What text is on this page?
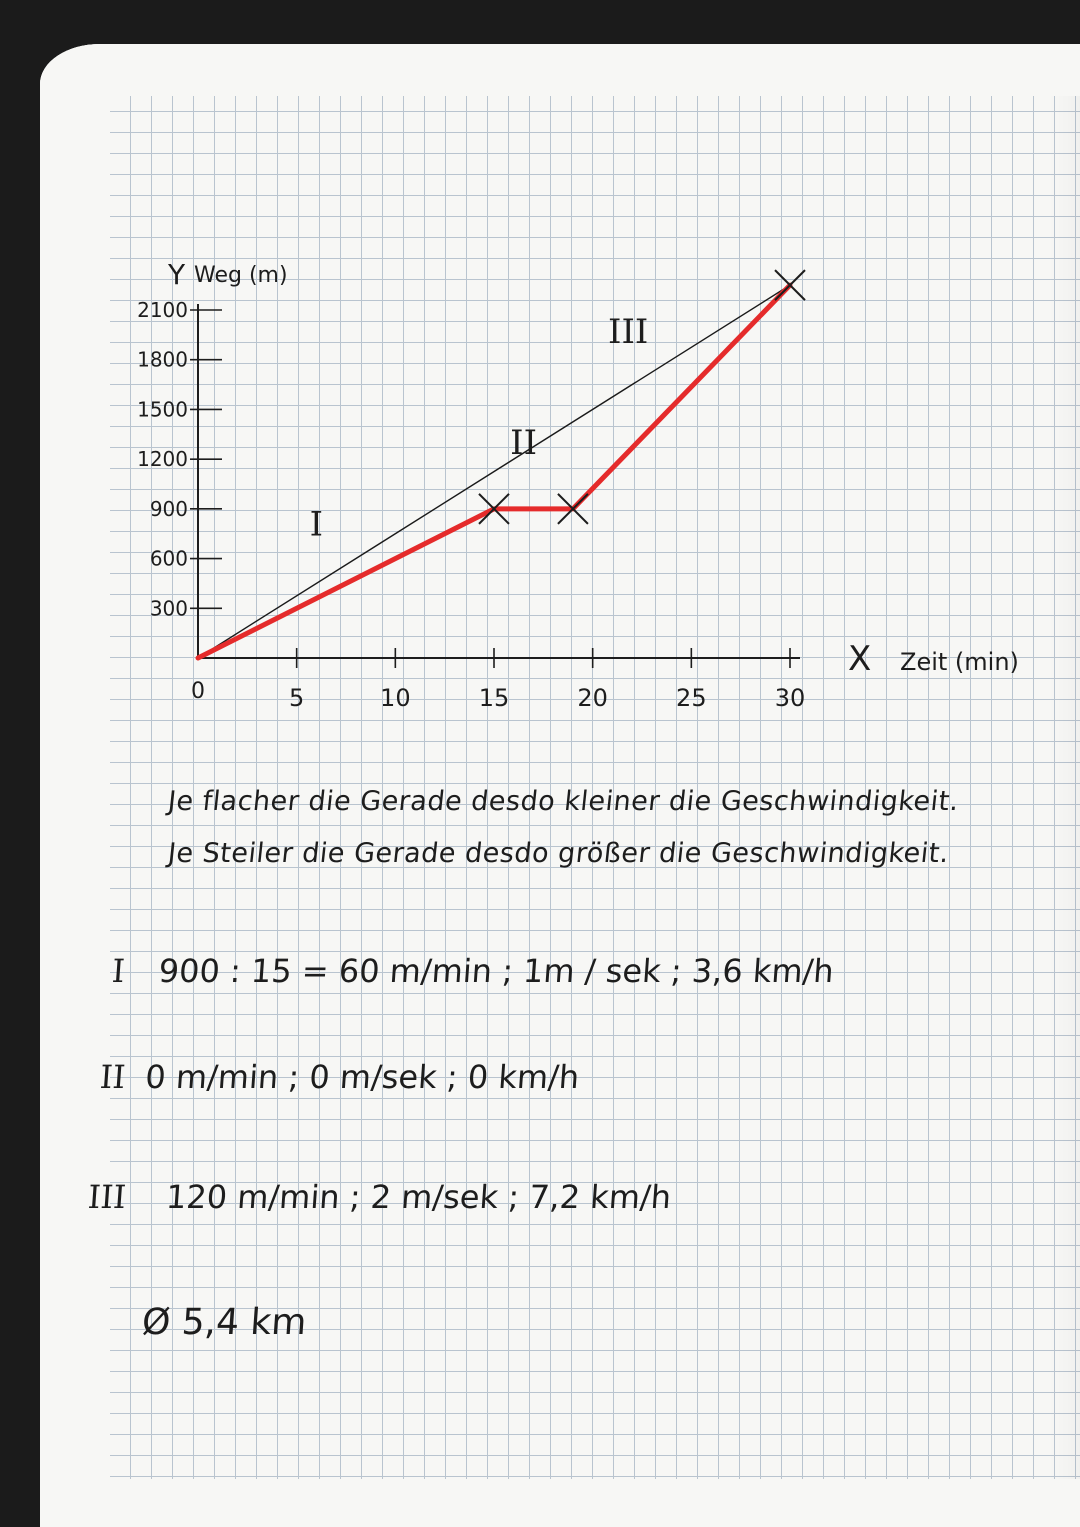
5	10	15	20	25	30
300
600
900
1200
1500
1800
2100
0
Y Weg (m)
X Zeit (min)
I
II
III
Je flacher die Gerade desdo kleiner die Geschwindigkeit.
Je Steiler die Gerade desdo größer die Geschwindigkeit.
I 900 : 15 = 60 m/min ; 1m / sek ; 3,6 km/h
II 0 m/min ; 0 m/sek ; 0 km/h
III 120 m/min ; 2 m/sek ; 7,2 km/h
Ø 5,4 km
